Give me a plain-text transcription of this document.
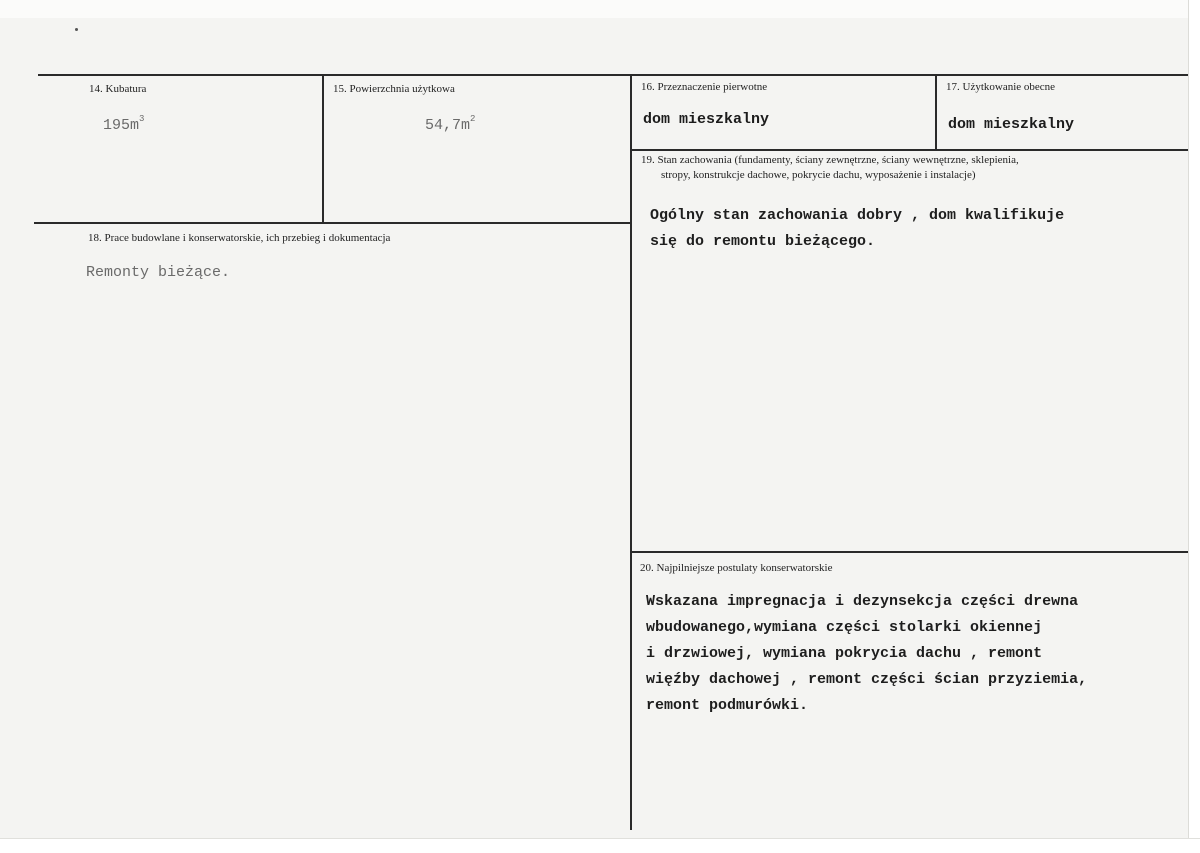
14. Kubatura
$195m^3$
15. Powierzchnia użytkowa
$54,7m^2$
16. Przeznaczenie pierwotne
dom mieszkalny
17. Użytkowanie obecne
dom mieszkalny
18. Prace budowlane i konserwatorskie, ich przebieg i dokumentacja
Remonty bieżące.
19. Stan zachowania (fundamenty, ściany zewnętrzne, ściany wewnętrzne, sklepienia,
stropy, konstrukcje dachowe, pokrycie dachu, wyposażenie i instalacje)
Ogólny stan zachowania dobry , dom kwalifikuje
się do remontu bieżącego.
20. Najpilniejsze postulaty konserwatorskie
Wskazana impregnacja i dezynsekcja części drewna
wbudowanego,wymiana części stolarki okiennej
i drzwiowej, wymiana pokrycia dachu , remont
więźby dachowej , remont części ścian przyziemia,
remont podmurówki.
